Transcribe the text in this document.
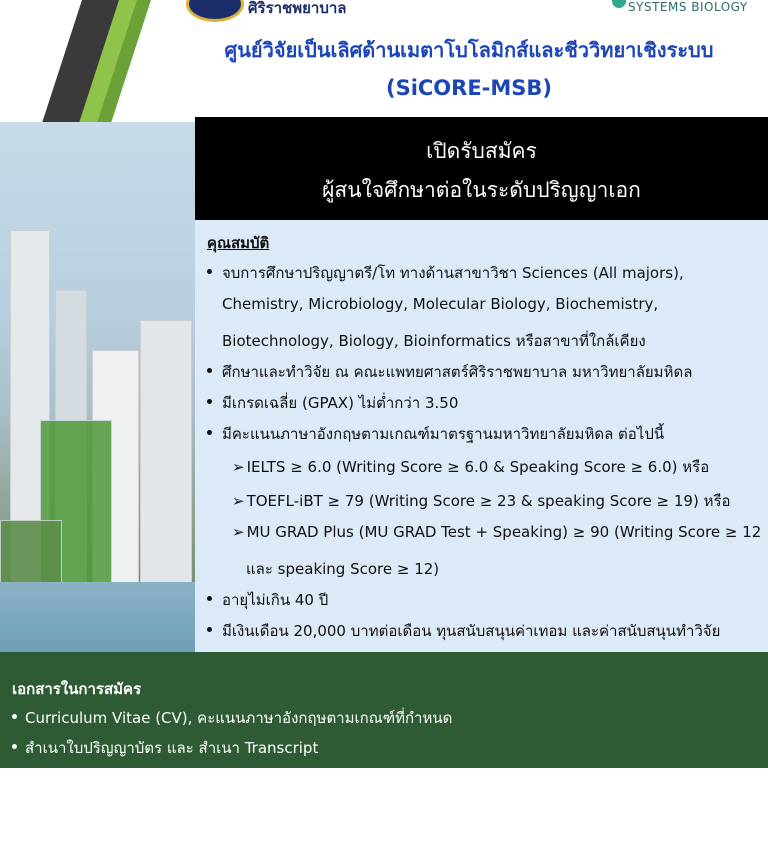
ศิริราชพยาบาล	SYSTEMS BIOLOGY
ศูนย์วิจัยเป็นเลิศด้านเมตาโบโลมิกส์และชีววิทยาเชิงระบบ
(SiCORE-MSB)
เปิดรับสมัคร
ผู้สนใจศึกษาต่อในระดับปริญญาเอก
คุณสมบัติ
จบการศึกษาปริญญาตรี/โท ทางด้านสาขาวิชา Sciences (All majors),
Chemistry, Microbiology, Molecular Biology, Biochemistry,
Biotechnology, Biology, Bioinformatics หรือสาขาที่ใกล้เคียง
ศึกษาและทำวิจัย ณ คณะแพทยศาสตร์ศิริราชพยาบาล มหาวิทยาลัยมหิดล
มีเกรดเฉลี่ย (GPAX) ไม่ต่ำกว่า 3.50
มีคะแนนภาษาอังกฤษตามเกณฑ์มาตรฐานมหาวิทยาลัยมหิดล ต่อไปนี้
➢ IELTS ≥ 6.0 (Writing Score ≥ 6.0 & Speaking Score ≥ 6.0) หรือ
➢ TOEFL-iBT ≥ 79 (Writing Score ≥ 23 & speaking Score ≥ 19) หรือ
➢ MU GRAD Plus (MU GRAD Test + Speaking) ≥ 90 (Writing Score ≥ 12
และ speaking Score ≥ 12)
อายุไม่เกิน 40 ปี
มีเงินเดือน 20,000 บาทต่อเดือน ทุนสนับสนุนค่าเทอม และค่าสนับสนุนทำวิจัย
เอกสารในการสมัคร
Curriculum Vitae (CV), คะแนนภาษาอังกฤษตามเกณฑ์ที่กำหนด
สำเนาใบปริญญาบัตร และ สำเนา Transcript
